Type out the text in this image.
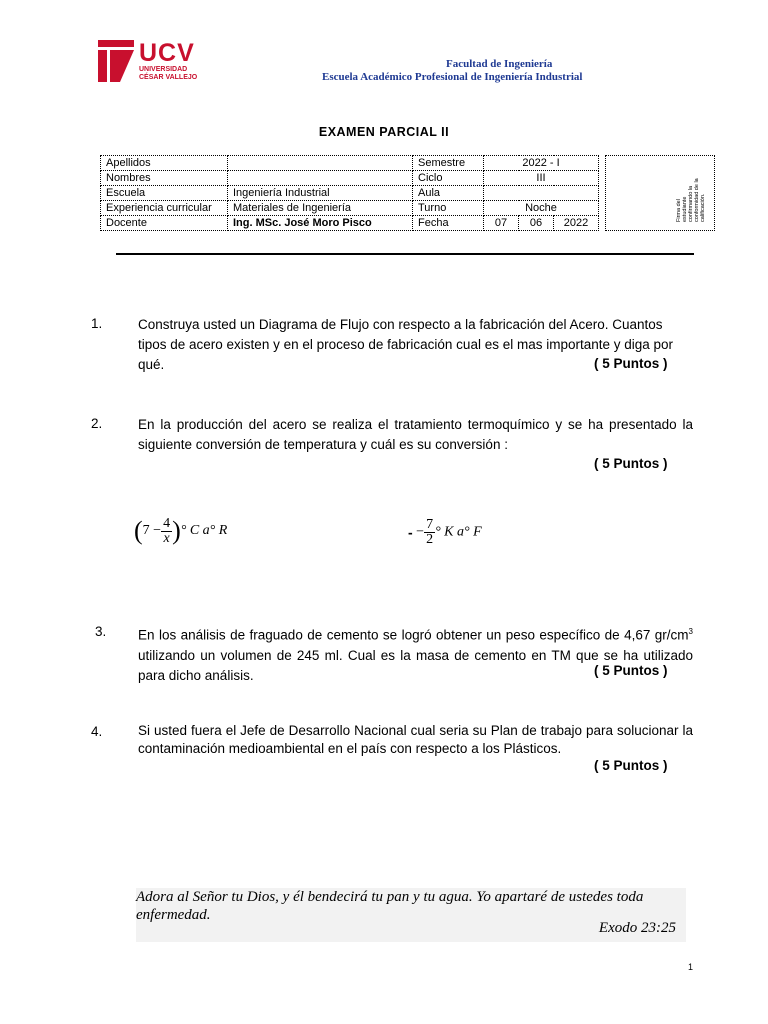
UCV
UNIVERSIDAD
CÉSAR VALLEJO
Facultad de Ingeniería
Escuela Académico Profesional de Ingeniería Industrial
EXAMEN PARCIAL II
Apellidos		Semestre	2022 - I		
Nombres		Ciclo	III		
Escuela	Ingeniería Industrial	Aula			
Experiencia curricular	Materiales de Ingeniería	Turno	Noche		
Docente	Ing. MSc. José Moro Pisco	Fecha	07	06	2022
Firma del estudiante confirmando la conformidad de la calificación.
1.	Construya usted un Diagrama de Flujo con respecto a la fabricación del Acero. Cuantos tipos de acero existen y en el proceso de fabricación cual es el mas importante y diga por qué.	( 5 Puntos )
2.	En la producción del acero se realiza el tratamiento termoquímico y se ha presentado la siguiente conversión de temperatura y cuál es su conversión :
( 5 Puntos )
($7 - \frac{4}{x}$ )° C a° R	- − $\frac{7}{2}$ ° K a° F
3. En los análisis de fraguado de cemento se logró obtener un peso específico de 4,67 $gr/cm^3$ utilizando un volumen de 245 ml. Cual es la masa de cemento en TM que se ha utilizado para dicho análisis.	( 5 Puntos )
4.	Si usted fuera el Jefe de Desarrollo Nacional cual seria su Plan de trabajo para solucionar la contaminación medioambiental en el país con respecto a los Plásticos.
( 5 Puntos )
Adora al Señor tu Dios, y él bendecirá tu pan y tu agua. Yo apartaré de ustedes toda enfermedad.
Exodo 23:25
1
